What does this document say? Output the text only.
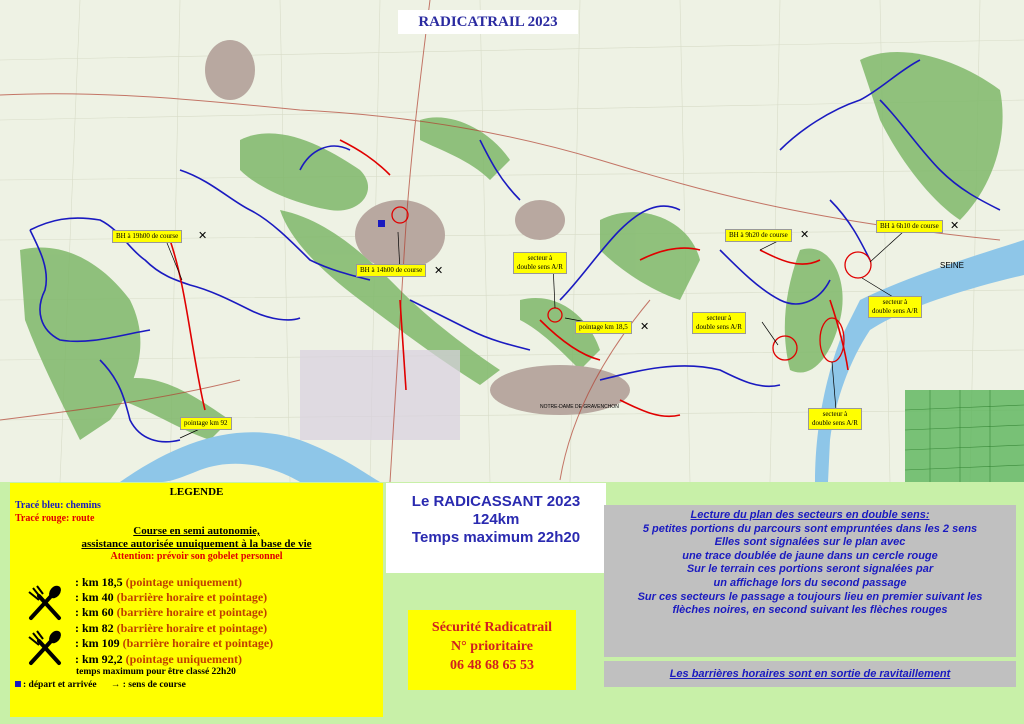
SEINE
NOTRE-DAME DE GRAVENCHON
RADICATRAIL 2023
BH à 19h00 de course	✕
BH à 14h00 de course	✕
BH à 9h20 de course	✕
BH à 6h10 de course	✕
secteur à
double sens A/R
secteur à
double sens A/R
secteur à
double sens A/R
secteur à
double sens A/R
pointage km 18,5	✕
pointage km 92
LEGENDE
Tracé bleu: chemins
Tracé rouge: route
Course en semi autonomie,
assistance autorisée unuiquement à la base de vie
Attention: prévoir son gobelet personnel
: km 18,5 (pointage uniquement)
: km 40 (barrière horaire et pointage)
: km 60 (barrière horaire et pointage)
: km 82 (barrière horaire et pointage)
: km 109 (barrière horaire et pointage)
: km 92,2 (pointage uniquement)
temps maximum pour être classé 22h20
: départ et arrivée → : sens de course
Le RADICASSANT 2023
124km
Temps maximum 22h20
Sécurité Radicatrail
N° prioritaire
06 48 68 65 53
Lecture du plan des secteurs en double sens:
5 petites portions du parcours sont empruntées dans les 2 sens
Elles sont signalées sur le plan avec
une trace doublée de jaune dans un cercle rouge
Sur le terrain ces portions seront signalées par
un affichage lors du second passage
Sur ces secteurs le passage a toujours lieu en premier suivant les
flèches noires, en second suivant les flèches rouges
Les barrières horaires sont en sortie de ravitaillement
